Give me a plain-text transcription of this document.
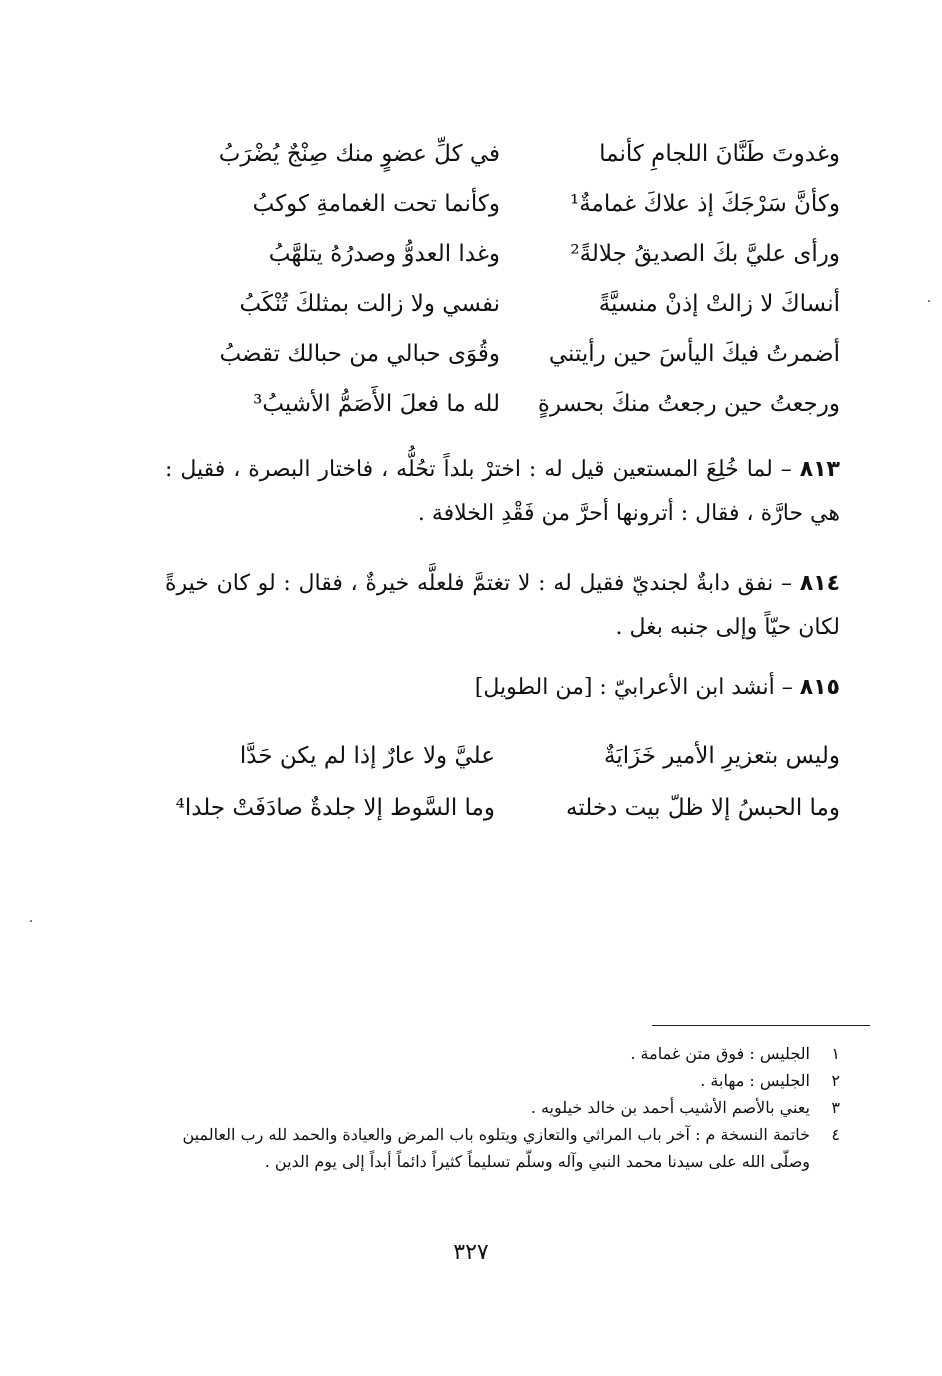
وغدوتَ طَنَّانَ اللجامِ كأنما
في كلِّ عضوٍ منك صِنْجٌ يُضْرَبُ
وكأنَّ سَرْجَكَ إذ علاكَ غمامةٌ¹
وكأنما تحت الغمامةِ كوكبُ
ورأى عليَّ بكَ الصديقُ جلالةً²
وغدا العدوُّ وصدرُهُ يتلهَّبُ
أنساكَ لا زالتْ إذنْ منسيَّةً
نفسي ولا زالت بمثلكَ تُنْكَبُ
أضمرتُ فيكَ اليأسَ حين رأيتني
وقُوَى حبالي من حبالك تقضبُ
ورجعتُ حين رجعتُ منكَ بحسرةٍ
لله ما فعلَ الأَصَمُّ الأشيبُ³
٨١٣ – لما خُلِعَ المستعين قيل له : اخترْ بلداً تحُلُّه ، فاختار البصرة ، فقيل : هي حارَّة ، فقال : أترونها أحرَّ من فَقْدِ الخلافة .
٨١٤ – نفق دابةٌ لجنديّ فقيل له : لا تغتمَّ فلعلَّه خيرةٌ ، فقال : لو كان خيرةً لكان حيّاً وإلى جنبه بغل .
٨١٥ – أنشد ابن الأعرابيّ : [من الطويل]
وليس بتعزيرِ الأمير خَزَايَةٌ
عليَّ ولا عارٌ إذا لم يكن حَدَّا
وما الحبسُ إلا ظلّ بيت دخلته
وما السَّوط إلا جلدةٌ صادَفَتْ جلدا⁴
١
الجليس : فوق متن غمامة .
٢
الجليس : مهابة .
٣
يعني بالأصم الأشيب أحمد بن خالد خيلويه .
٤
خاتمة النسخة م : آخر باب المراثي والتعازي ويتلوه باب المرض والعيادة والحمد لله رب العالمين وصلّى الله على سيدنا محمد النبي وآله وسلّم تسليماً كثيراً دائماً أبداً إلى يوم الدين .
٣٢٧
